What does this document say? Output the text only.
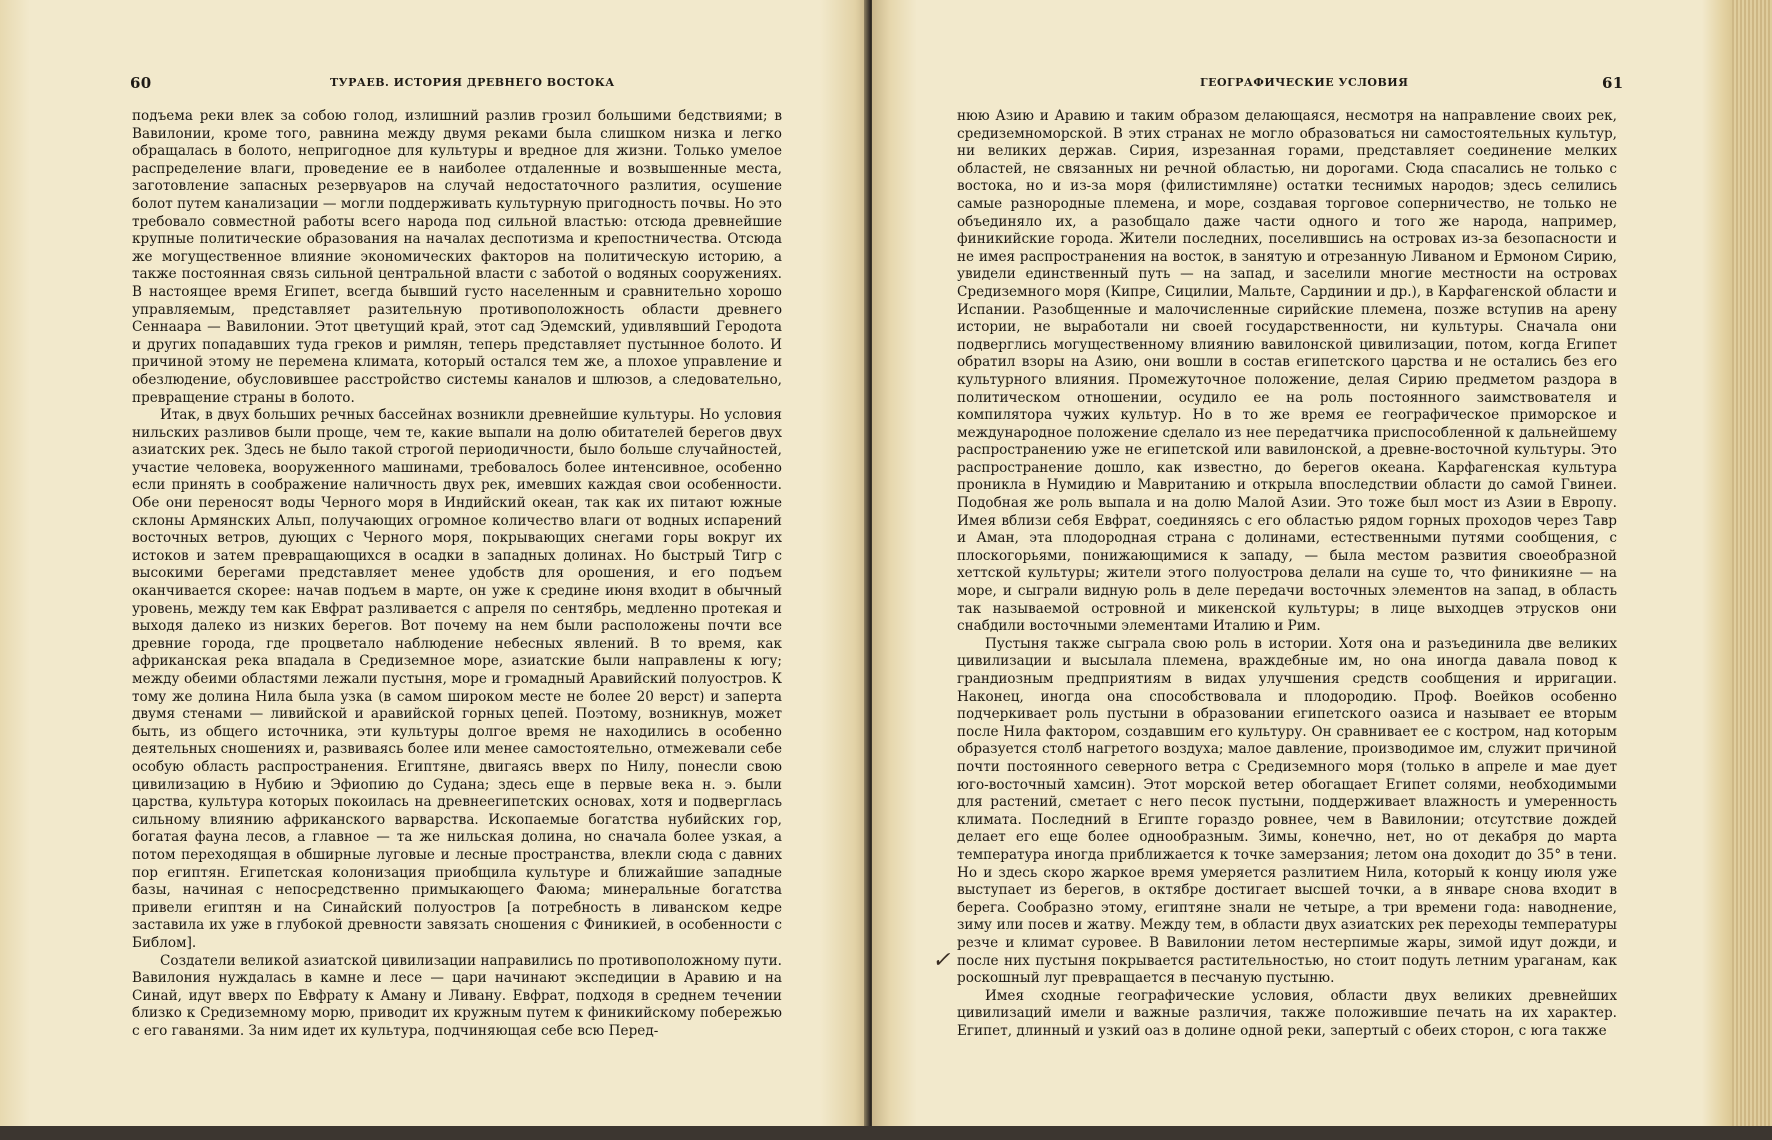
60	ТУРАЕВ. ИСТОРИЯ ДРЕВНЕГО ВОСТОКА

подъема реки влек за собою голод, излишний разлив грозил большими бедствиями; в Вавилонии, кроме того, равнина между двумя реками была слишком низка и легко обращалась в болото, непригодное для культуры и вредное для жизни. Только умелое распределение влаги, проведение ее в наиболее отдаленные и возвышенные места, заготовление запасных резервуаров на случай недостаточного разлития, осушение болот путем канализации — могли поддерживать культурную пригодность почвы. Но это требовало совместной работы всего народа под сильной властью: отсюда древнейшие крупные политические образования на началах деспотизма и крепостничества. Отсюда же могущественное влияние экономических факторов на политическую историю, а также постоянная связь сильной центральной власти с заботой о водяных сооружениях. В настоящее время Египет, всегда бывший густо населенным и сравнительно хорошо управляемым, представляет разительную противоположность области древнего Сеннаара — Вавилонии. Этот цветущий край, этот сад Эдемский, удивлявший Геродота и других попадавших туда греков и римлян, теперь представляет пустынное болото. И причиной этому не перемена климата, который остался тем же, а плохое управление и обезлюдение, обусловившее расстройство системы каналов и шлюзов, а следовательно, превращение страны в болото.

Итак, в двух больших речных бассейнах возникли древнейшие культуры. Но условия нильских разливов были проще, чем те, какие выпали на долю обитателей берегов двух азиатских рек. Здесь не было такой строгой периодичности, было больше случайностей, участие человека, вооруженного машинами, требовалось более интенсивное, особенно если принять в соображение наличность двух рек, имевших каждая свои особенности. Обе они переносят воды Черного моря в Индийский океан, так как их питают южные склоны Армянских Альп, получающих огромное количество влаги от водных испарений восточных ветров, дующих с Черного моря, покрывающих снегами горы вокруг их истоков и затем превращающихся в осадки в западных долинах. Но быстрый Тигр с высокими берегами представляет менее удобств для орошения, и его подъем оканчивается скорее: начав подъем в марте, он уже к средине июня входит в обычный уровень, между тем как Евфрат разливается с апреля по сентябрь, медленно протекая и выходя далеко из низких берегов. Вот почему на нем были расположены почти все древние города, где процветало наблюдение небесных явлений. В то время, как африканская река впадала в Средиземное море, азиатские были направлены к югу; между обеими областями лежали пустыня, море и громадный Аравийский полуостров. К тому же долина Нила была узка (в самом широком месте не более 20 верст) и заперта двумя стенами — ливийской и аравийской горных цепей. Поэтому, возникнув, может быть, из общего источника, эти культуры долгое время не находились в особенно деятельных сношениях и, развиваясь более или менее самостоятельно, отмежевали себе особую область распространения. Египтяне, двигаясь вверх по Нилу, понесли свою цивилизацию в Нубию и Эфиопию до Судана; здесь еще в первые века н. э. были царства, культура которых покоилась на древнеегипетских основах, хотя и подверглась сильному влиянию африканского варварства. Ископаемые богатства нубийских гор, богатая фауна лесов, а главное — та же нильская долина, но сначала более узкая, а потом переходящая в обширные луговые и лесные пространства, влекли сюда с давних пор египтян. Египетская колонизация приобщила культуре и ближайшие западные базы, начиная с непосредственно примыкающего Фаюма; минеральные богатства привели египтян и на Синайский полуостров [а потребность в ливанском кедре заставила их уже в глубокой древности завязать сношения с Финикией, в особенности с Библом].

Создатели великой азиатской цивилизации направились по противоположному пути. Вавилония нуждалась в камне и лесе — цари начинают экспедиции в Аравию и на Синай, идут вверх по Евфрату к Аману и Ливану. Евфрат, подходя в среднем течении близко к Средиземному морю, приводит их кружным путем к финикийскому побережью с его гаванями. За ним идет их культура, подчиняющая себе всю Перед-

ГЕОГРАФИЧЕСКИЕ УСЛОВИЯ	61

нюю Азию и Аравию и таким образом делающаяся, несмотря на направление своих рек, средиземноморской. В этих странах не могло образоваться ни самостоятельных культур, ни великих держав. Сирия, изрезанная горами, представляет соединение мелких областей, не связанных ни речной областью, ни дорогами. Сюда спасались не только с востока, но и из-за моря (филистимляне) остатки теснимых народов; здесь селились самые разнородные племена, и море, создавая торговое соперничество, не только не объединяло их, а разобщало даже части одного и того же народа, например, финикийские города. Жители последних, поселившись на островах из-за безопасности и не имея распространения на восток, в занятую и отрезанную Ливаном и Ермоном Сирию, увидели единственный путь — на запад, и заселили многие местности на островах Средиземного моря (Кипре, Сицилии, Мальте, Сардинии и др.), в Карфагенской области и Испании. Разобщенные и малочисленные сирийские племена, позже вступив на арену истории, не выработали ни своей государственности, ни культуры. Сначала они подверглись могущественному влиянию вавилонской цивилизации, потом, когда Египет обратил взоры на Азию, они вошли в состав египетского царства и не остались без его культурного влияния. Промежуточное положение, делая Сирию предметом раздора в политическом отношении, осудило ее на роль постоянного заимствователя и компилятора чужих культур. Но в то же время ее географическое приморское и международное положение сделало из нее передатчика приспособленной к дальнейшему распространению уже не египетской или вавилонской, а древне-восточной культуры. Это распространение дошло, как известно, до берегов океана. Карфагенская культура проникла в Нумидию и Мавританию и открыла впоследствии области до самой Гвинеи. Подобная же роль выпала и на долю Малой Азии. Это тоже был мост из Азии в Европу. Имея вблизи себя Евфрат, соединяясь с его областью рядом горных проходов через Тавр и Аман, эта плодородная страна с долинами, естественными путями сообщения, с плоскогорьями, понижающимися к западу, — была местом развития своеобразной хеттской культуры; жители этого полуострова делали на суше то, что финикияне — на море, и сыграли видную роль в деле передачи восточных элементов на запад, в область так называемой островной и микенской культуры; в лице выходцев этрусков они снабдили восточными элементами Италию и Рим.

Пустыня также сыграла свою роль в истории. Хотя она и разъединила две великих цивилизации и высылала племена, враждебные им, но она иногда давала повод к грандиозным предприятиям в видах улучшения средств сообщения и ирригации. Наконец, иногда она способствовала и плодородию. Проф. Воейков особенно подчеркивает роль пустыни в образовании египетского оазиса и называет ее вторым после Нила фактором, создавшим его культуру. Он сравнивает ее с костром, над которым образуется столб нагретого воздуха; малое давление, производимое им, служит причиной почти постоянного северного ветра с Средиземного моря (только в апреле и мае дует юго-восточный хамсин). Этот морской ветер обогащает Египет солями, необходимыми для растений, сметает с него песок пустыни, поддерживает влажность и умеренность климата. Последний в Египте гораздо ровнее, чем в Вавилонии; отсутствие дождей делает его еще более однообразным. Зимы, конечно, нет, но от декабря до марта температура иногда приближается к точке замерзания; летом она доходит до 35° в тени. Но и здесь скоро жаркое время умеряется разлитием Нила, который к концу июля уже выступает из берегов, в октябре достигает высшей точки, а в январе снова входит в берега. Сообразно этому, египтяне знали не четыре, а три времени года: наводнение, зиму или посев и жатву. Между тем, в области двух азиатских рек переходы температуры резче и климат суровее. В Вавилонии летом нестерпимые жары, зимой идут дожди, и после них пустыня покрывается растительностью, но стоит подуть летним ураганам, как роскошный луг превращается в песчаную пустыню.

Имея сходные географические условия, области двух великих древнейших цивилизаций имели и важные различия, также положившие печать на их характер. Египет, длинный и узкий оаз в долине одной реки, запертый с обеих сторон, с юга также

✓
